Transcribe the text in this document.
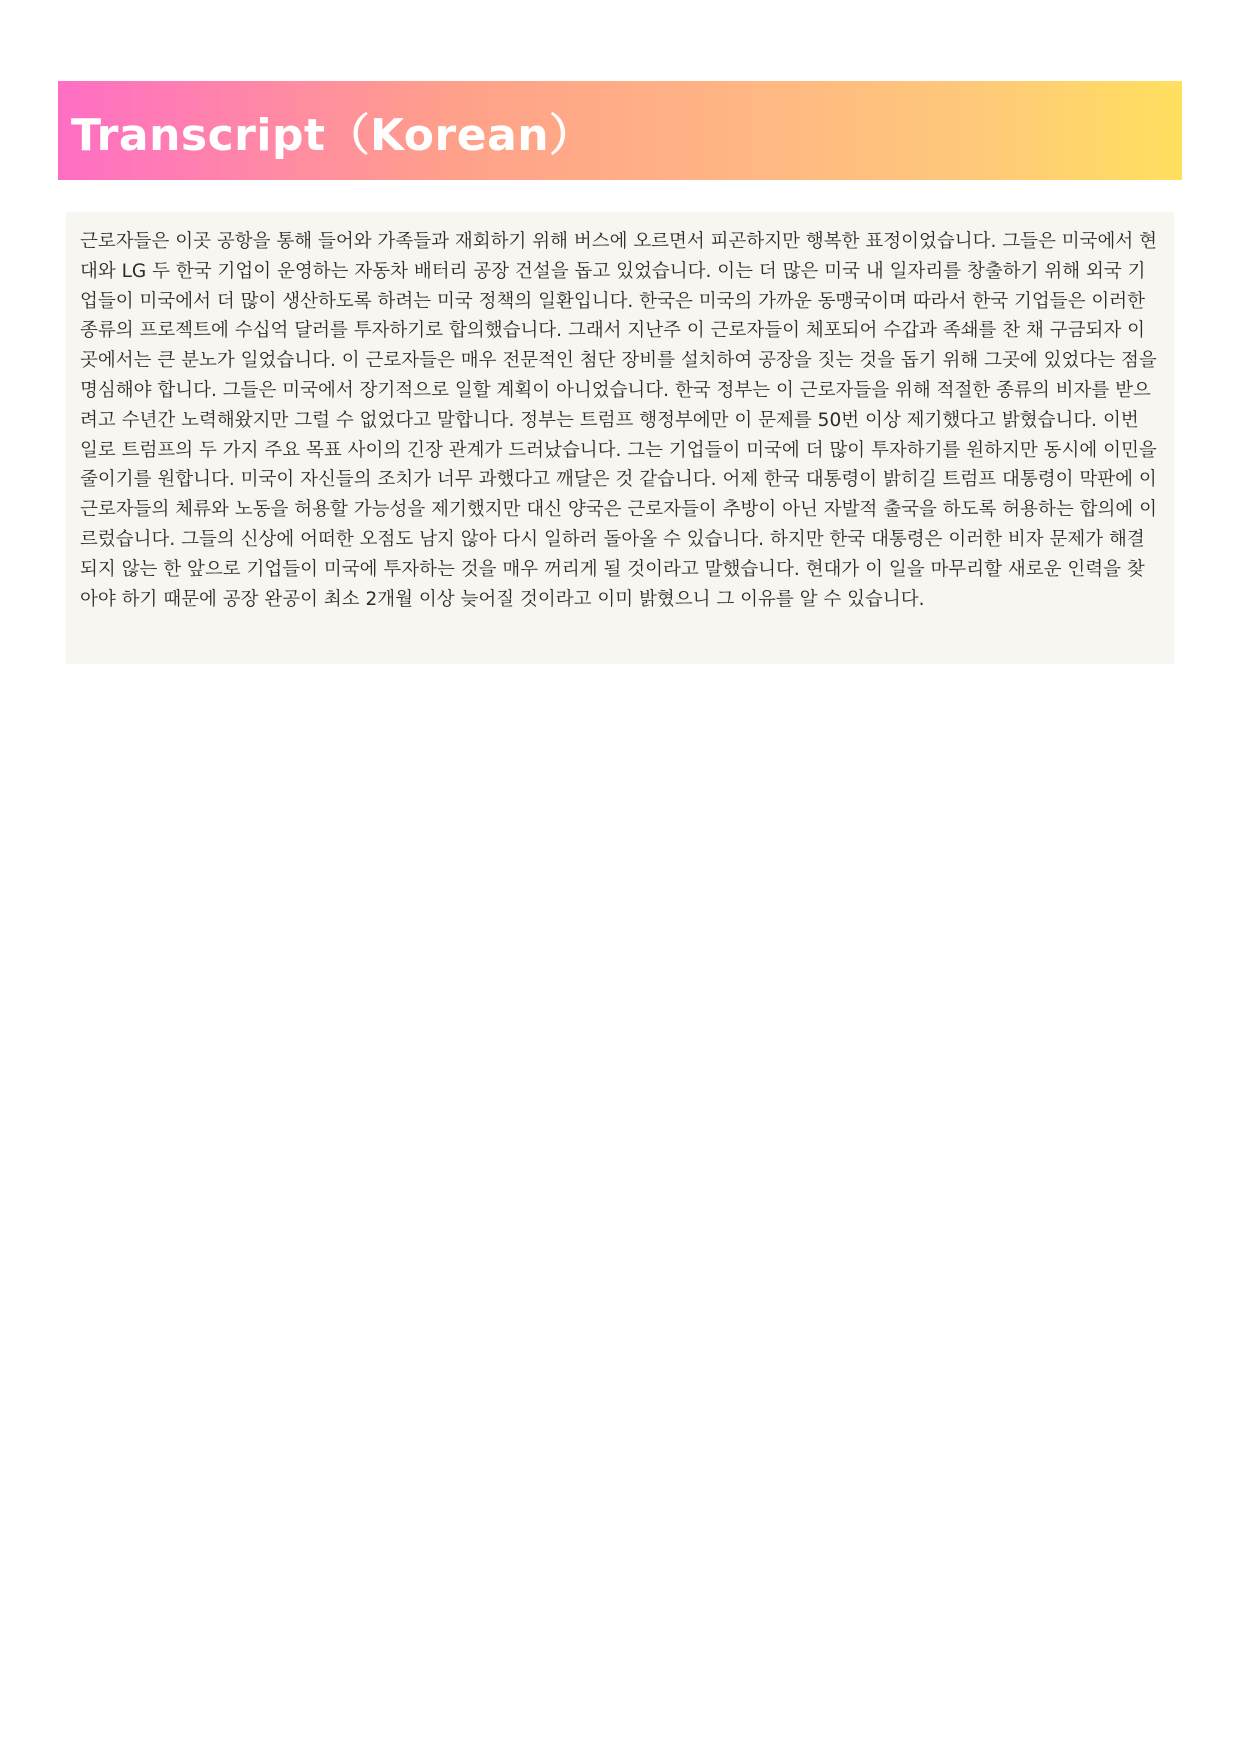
Transcript（Korean）

근로자들은 이곳 공항을 통해 들어와 가족들과 재회하기 위해 버스에 오르면서 피곤하지만 행복한 표정이었습니다. 그들은 미국에서 현대와 LG 두 한국 기업이 운영하는 자동차 배터리 공장 건설을 돕고 있었습니다. 이는 더 많은 미국 내 일자리를 창출하기 위해 외국 기업들이 미국에서 더 많이 생산하도록 하려는 미국 정책의 일환입니다. 한국은 미국의 가까운 동맹국이며 따라서 한국 기업들은 이러한 종류의 프로젝트에 수십억 달러를 투자하기로 합의했습니다. 그래서 지난주 이 근로자들이 체포되어 수갑과 족쇄를 찬 채 구금되자 이곳에서는 큰 분노가 일었습니다. 이 근로자들은 매우 전문적인 첨단 장비를 설치하여 공장을 짓는 것을 돕기 위해 그곳에 있었다는 점을 명심해야 합니다. 그들은 미국에서 장기적으로 일할 계획이 아니었습니다. 한국 정부는 이 근로자들을 위해 적절한 종류의 비자를 받으려고 수년간 노력해왔지만 그럴 수 없었다고 말합니다. 정부는 트럼프 행정부에만 이 문제를 50번 이상 제기했다고 밝혔습니다. 이번 일로 트럼프의 두 가지 주요 목표 사이의 긴장 관계가 드러났습니다. 그는 기업들이 미국에 더 많이 투자하기를 원하지만 동시에 이민을 줄이기를 원합니다. 미국이 자신들의 조치가 너무 과했다고 깨달은 것 같습니다. 어제 한국 대통령이 밝히길 트럼프 대통령이 막판에 이 근로자들의 체류와 노동을 허용할 가능성을 제기했지만 대신 양국은 근로자들이 추방이 아닌 자발적 출국을 하도록 허용하는 합의에 이르렀습니다. 그들의 신상에 어떠한 오점도 남지 않아 다시 일하러 돌아올 수 있습니다. 하지만 한국 대통령은 이러한 비자 문제가 해결되지 않는 한 앞으로 기업들이 미국에 투자하는 것을 매우 꺼리게 될 것이라고 말했습니다. 현대가 이 일을 마무리할 새로운 인력을 찾아야 하기 때문에 공장 완공이 최소 2개월 이상 늦어질 것이라고 이미 밝혔으니 그 이유를 알 수 있습니다.
